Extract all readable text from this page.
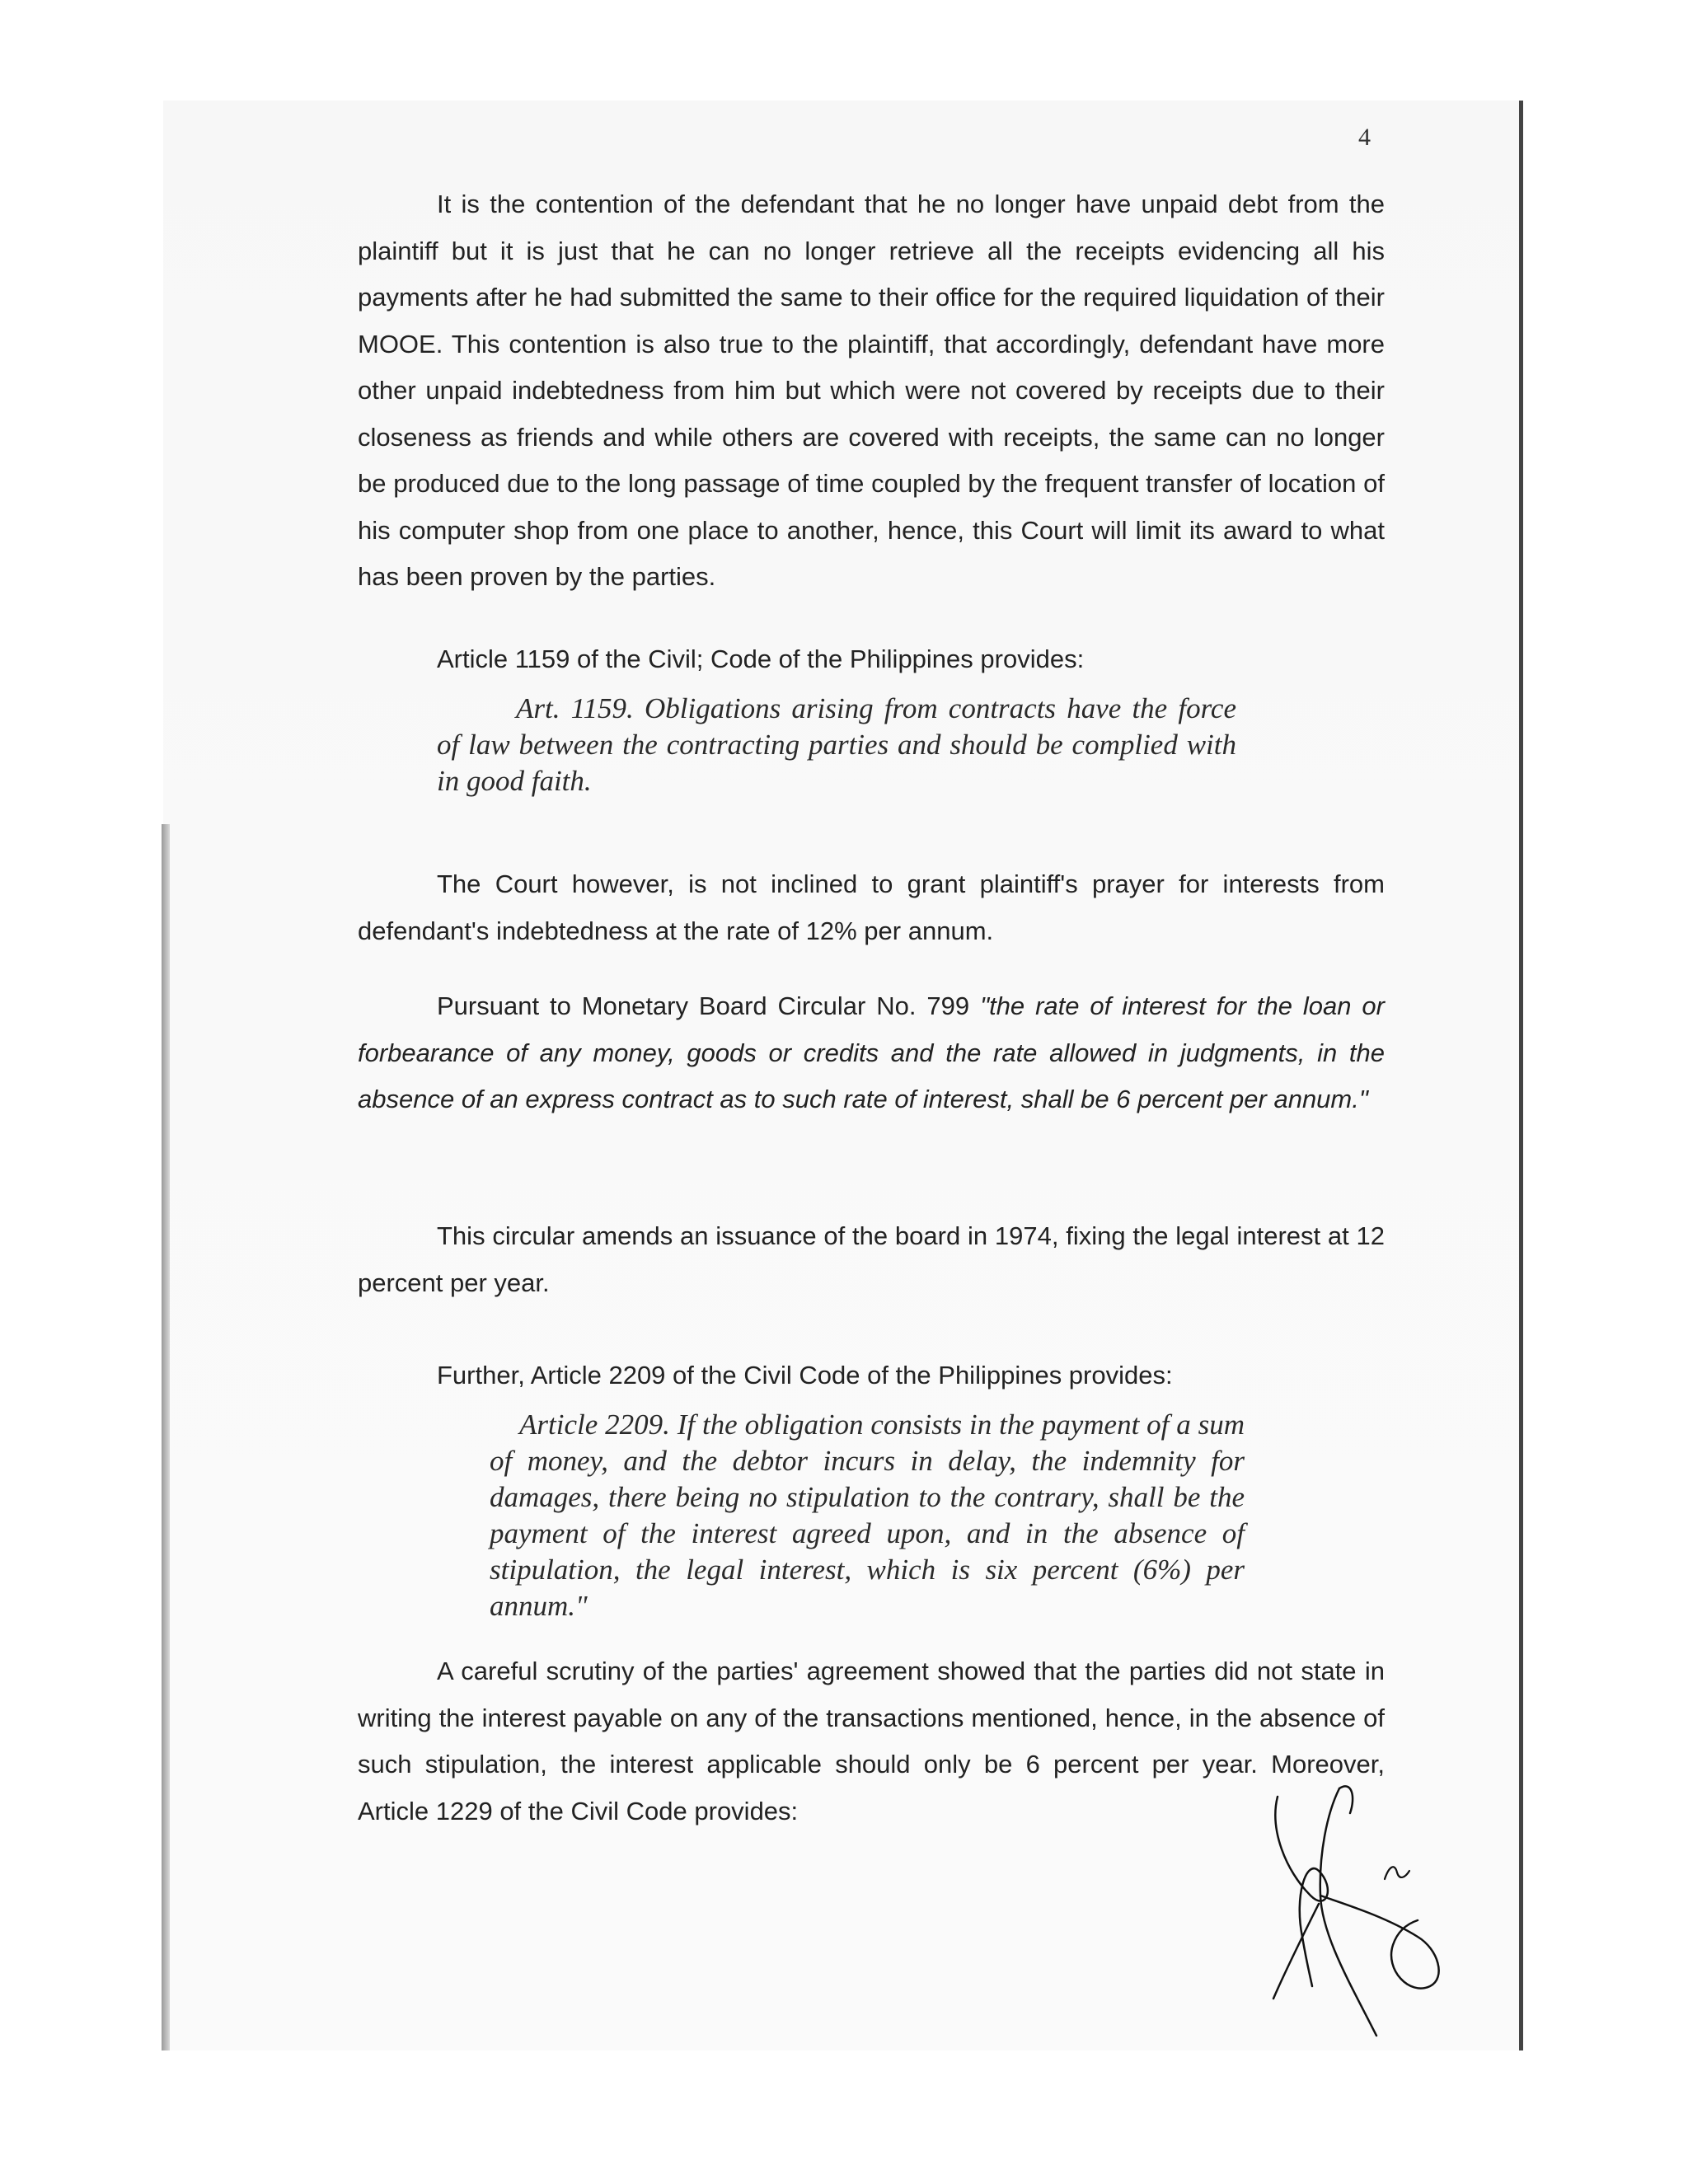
4

It is the contention of the defendant that he no longer have unpaid debt from the plaintiff but it is just that he can no longer retrieve all the receipts evidencing all his payments after he had submitted the same to their office for the required liquidation of their MOOE. This contention is also true to the plaintiff, that accordingly, defendant have more other unpaid indebtedness from him but which were not covered by receipts due to their closeness as friends and while others are covered with receipts, the same can no longer be produced due to the long passage of time coupled by the frequent transfer of location of his computer shop from one place to another, hence, this Court will limit its award to what has been proven by the parties.

Article 1159 of the Civil; Code of the Philippines provides:

Art. 1159. Obligations arising from contracts have the force of law between the contracting parties and should be complied with in good faith.

The Court however, is not inclined to grant plaintiff's prayer for interests from defendant's indebtedness at the rate of 12% per annum.

Pursuant to Monetary Board Circular No. 799 "the rate of interest for the loan or forbearance of any money, goods or credits and the rate allowed in judgments, in the absence of an express contract as to such rate of interest, shall be 6 percent per annum."

This circular amends an issuance of the board in 1974, fixing the legal interest at 12 percent per year.

Further, Article 2209 of the Civil Code of the Philippines provides:

Article 2209. If the obligation consists in the payment of a sum of money, and the debtor incurs in delay, the indemnity for damages, there being no stipulation to the contrary, shall be the payment of the interest agreed upon, and in the absence of stipulation, the legal interest, which is six percent (6%) per annum."

A careful scrutiny of the parties' agreement showed that the parties did not state in writing the interest payable on any of the transactions mentioned, hence, in the absence of such stipulation, the interest applicable should only be 6 percent per year. Moreover, Article 1229 of the Civil Code provides:
